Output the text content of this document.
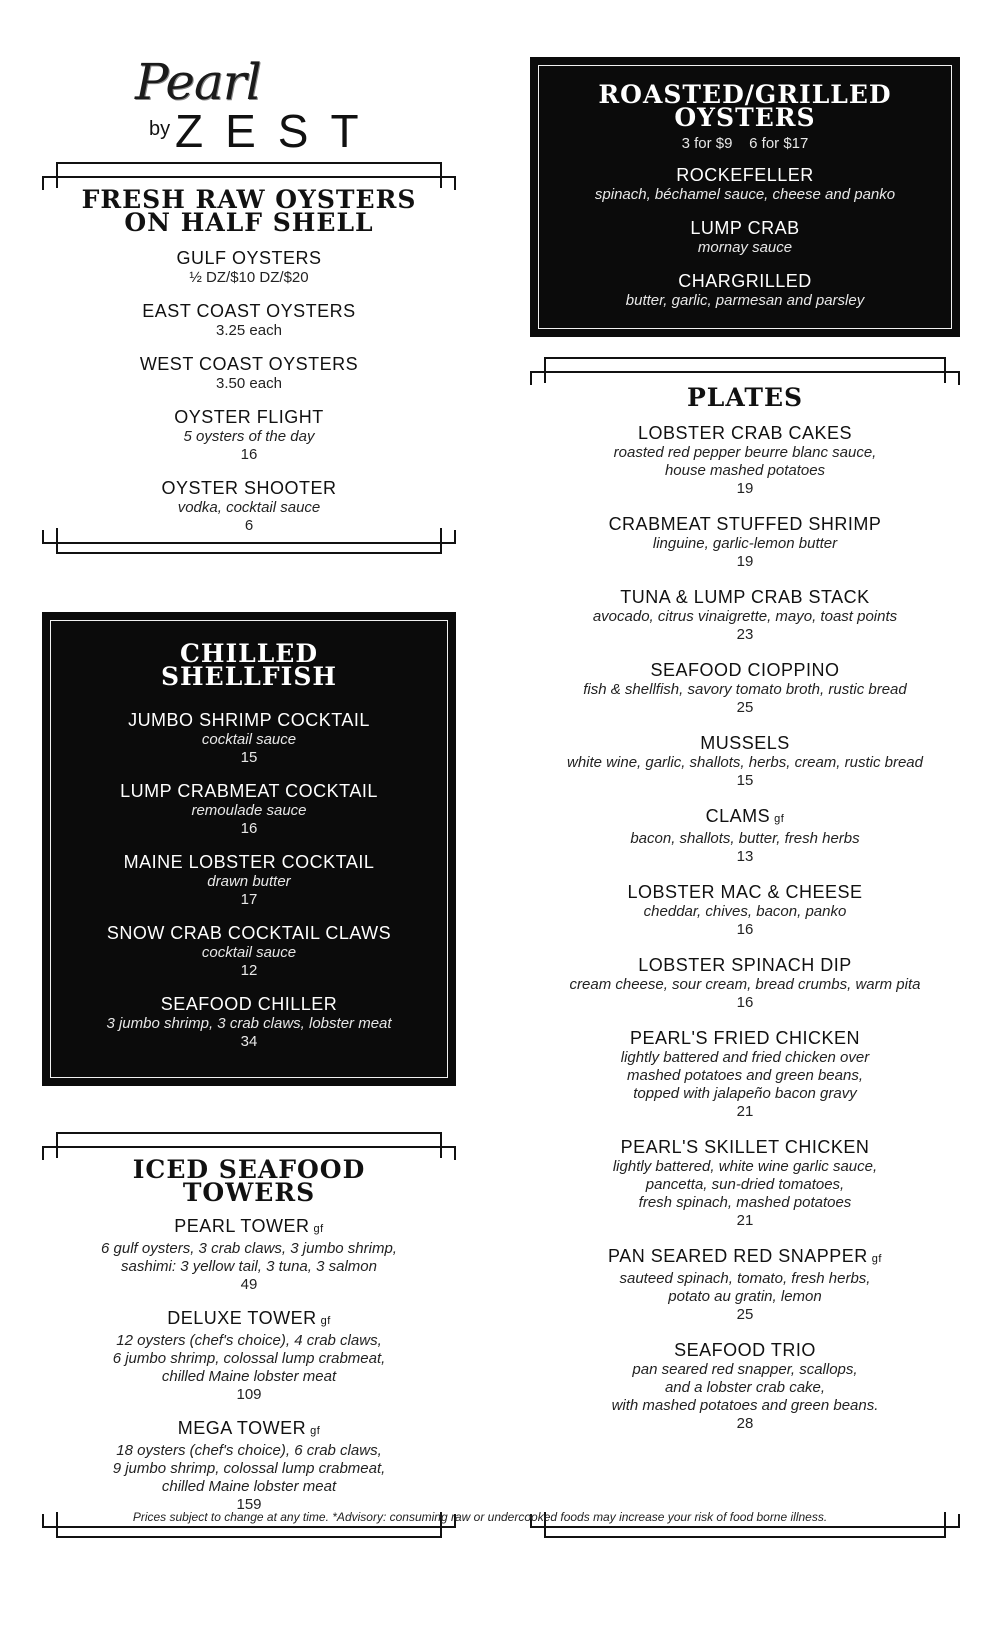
Pearl
by ZEST
FRESH RAW OYSTERS ON HALF SHELL
GULF OYSTERS
½ DZ/$10 DZ/$20
EAST COAST OYSTERS
3.25 each
WEST COAST OYSTERS
3.50 each
OYSTER FLIGHT
5 oysters of the day
16
OYSTER SHOOTER
vodka, cocktail sauce
6
CHILLED SHELLFISH
JUMBO SHRIMP COCKTAIL
cocktail sauce
15
LUMP CRABMEAT COCKTAIL
remoulade sauce
16
MAINE LOBSTER COCKTAIL
drawn butter
17
SNOW CRAB COCKTAIL CLAWS
cocktail sauce
12
SEAFOOD CHILLER
3 jumbo shrimp, 3 crab claws, lobster meat
34
ICED SEAFOOD TOWERS
PEARL TOWER gf
6 gulf oysters, 3 crab claws, 3 jumbo shrimp,
sashimi: 3 yellow tail, 3 tuna, 3 salmon
49
DELUXE TOWER gf
12 oysters (chef's choice), 4 crab claws,
6 jumbo shrimp, colossal lump crabmeat,
chilled Maine lobster meat
109
MEGA TOWER gf
18 oysters (chef's choice), 6 crab claws,
9 jumbo shrimp, colossal lump crabmeat,
chilled Maine lobster meat
159
ROASTED/GRILLED OYSTERS
3 for $9    6 for $17
ROCKEFELLER
spinach, béchamel sauce, cheese and panko
LUMP CRAB
mornay sauce
CHARGRILLED
butter, garlic, parmesan and parsley
PLATES
LOBSTER CRAB CAKES
roasted red pepper beurre blanc sauce,
house mashed potatoes
19
CRABMEAT STUFFED SHRIMP
linguine, garlic-lemon butter
19
TUNA & LUMP CRAB STACK
avocado, citrus vinaigrette, mayo, toast points
23
SEAFOOD CIOPPINO
fish & shellfish, savory tomato broth, rustic bread
25
MUSSELS
white wine, garlic, shallots, herbs, cream, rustic bread
15
CLAMS gf
bacon, shallots, butter, fresh herbs
13
LOBSTER MAC & CHEESE
cheddar, chives, bacon, panko
16
LOBSTER SPINACH DIP
cream cheese, sour cream, bread crumbs, warm pita
16
PEARL'S FRIED CHICKEN
lightly battered and fried chicken over
mashed potatoes and green beans,
topped with jalapeño bacon gravy
21
PEARL'S SKILLET CHICKEN
lightly battered, white wine garlic sauce,
pancetta, sun-dried tomatoes,
fresh spinach, mashed potatoes
21
PAN SEARED RED SNAPPER gf
sauteed spinach, tomato, fresh herbs,
potato au gratin, lemon
25
SEAFOOD TRIO
pan seared red snapper, scallops,
and a lobster crab cake,
with mashed potatoes and green beans.
28
Prices subject to change at any time. *Advisory: consuming raw or undercooked foods may increase your risk of food borne illness.
